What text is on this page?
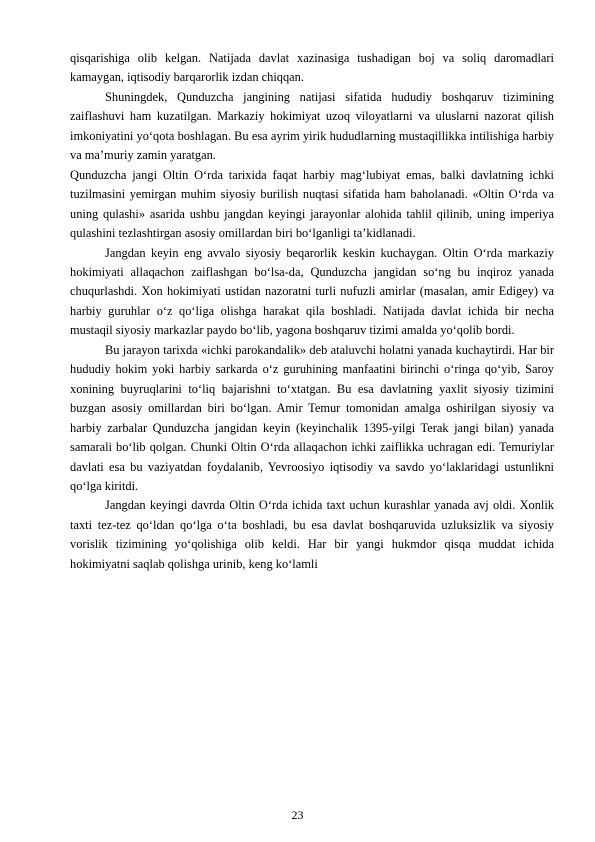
qisqarishiga olib kelgan. Natijada davlat xazinasiga tushadigan boj va soliq daromadlari kamaygan, iqtisodiy barqarorlik izdan chiqqan.

Shuningdek, Qunduzcha jangining natijasi sifatida hududiy boshqaruv tizimining zaiflashuvi ham kuzatilgan. Markaziy hokimiyat uzoq viloyatlarni va uluslarni nazorat qilish imkoniyatini yo‘qota boshlagan. Bu esa ayrim yirik hududlarning mustaqillikka intilishiga harbiy va ma’muriy zamin yaratgan.

Qunduzcha jangi Oltin O‘rda tarixida faqat harbiy mag‘lubiyat emas, balki davlatning ichki tuzilmasini yemirgan muhim siyosiy burilish nuqtasi sifatida ham baholanadi. «Oltin O‘rda va uning qulashi» asarida ushbu jangdan keyingi jarayonlar alohida tahlil qilinib, uning imperiya qulashini tezlashtirgan asosiy omillardan biri bo‘lganligi ta’kidlanadi.

Jangdan keyin eng avvalo siyosiy beqarorlik keskin kuchaygan. Oltin O‘rda markaziy hokimiyati allaqachon zaiflashgan bo‘lsa-da, Qunduzcha jangidan so‘ng bu inqiroz yanada chuqurlashdi. Xon hokimiyati ustidan nazoratni turli nufuzli amirlar (masalan, amir Edigey) va harbiy guruhlar o‘z qo‘liga olishga harakat qila boshladi. Natijada davlat ichida bir necha mustaqil siyosiy markazlar paydo bo‘lib, yagona boshqaruv tizimi amalda yo‘qolib bordi.

Bu jarayon tarixda «ichki parokandalik» deb ataluvchi holatni yanada kuchaytirdi. Har bir hududiy hokim yoki harbiy sarkarda o‘z guruhining manfaatini birinchi o‘ringa qo‘yib, Saroy xonining buyruqlarini to‘liq bajarishni to‘xtatgan. Bu esa davlatning yaxlit siyosiy tizimini buzgan asosiy omillardan biri bo‘lgan. Amir Temur tomonidan amalga oshirilgan siyosiy va harbiy zarbalar Qunduzcha jangidan keyin (keyinchalik 1395-yilgi Terak jangi bilan) yanada samarali bo‘lib qolgan. Chunki Oltin O‘rda allaqachon ichki zaiflikka uchragan edi. Temuriylar davlati esa bu vaziyatdan foydalanib, Yevroosiyo iqtisodiy va savdo yo‘laklaridagi ustunlikni qo‘lga kiritdi.

Jangdan keyingi davrda Oltin O‘rda ichida taxt uchun kurashlar yanada avj oldi. Xonlik taxti tez-tez qo‘ldan qo‘lga o‘ta boshladi, bu esa davlat boshqaruvida uzluksizlik va siyosiy vorislik tizimining yo‘qolishiga olib keldi. Har bir yangi hukmdor qisqa muddat ichida hokimiyatni saqlab qolishga urinib, keng ko‘lamli

23
